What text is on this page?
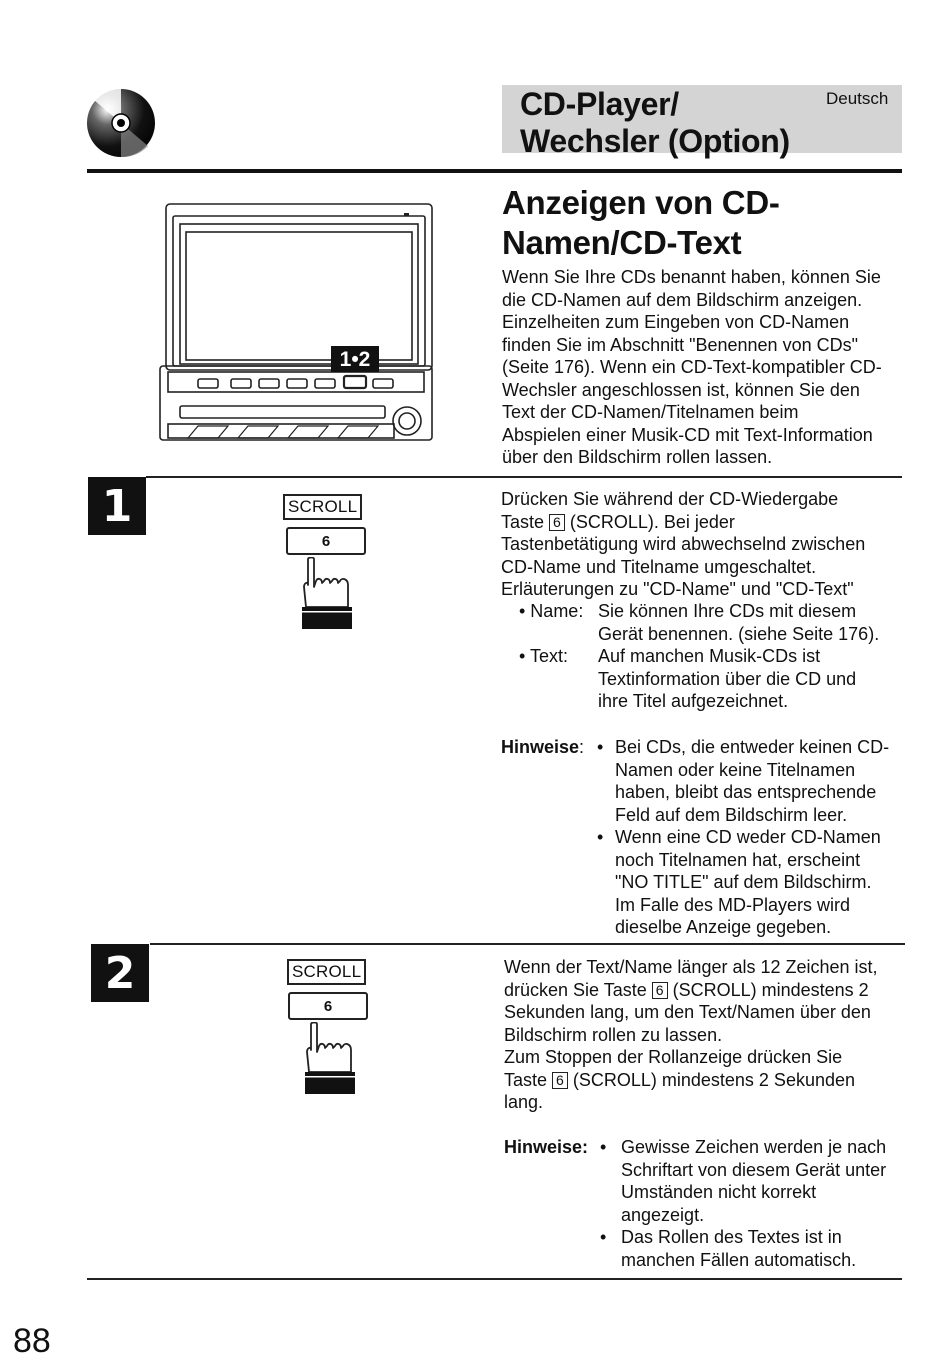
CD-Player/
Wechsler (Option)
Deutsch
1•2
Anzeigen von CD-
Namen/CD-Text
Wenn Sie Ihre CDs benannt haben, können Sie
die CD-Namen auf dem Bildschirm anzeigen.
Einzelheiten zum Eingeben von CD-Namen
finden Sie im Abschnitt "Benennen von CDs"
(Seite 176). Wenn ein CD-Text-kompatibler CD-
Wechsler angeschlossen ist, können Sie den
Text der CD-Namen/Titelnamen beim
Abspielen einer Musik-CD mit Text-Information
über den Bildschirm rollen lassen.
1	SCROLL
6
Drücken Sie während der CD-Wiedergabe
Taste 6 (SCROLL). Bei jeder
Tastenbetätigung wird abwechselnd zwischen
CD-Name und Titelname umgeschaltet.
Erläuterungen zu "CD-Name" und "CD-Text"
• Name: Sie können Ihre CDs mit diesem
Gerät benennen. (siehe Seite 176).
• Text:	Auf manchen Musik-CDs ist
Textinformation über die CD und
ihre Titel aufgezeichnet.
Hinweise: • Bei CDs, die entweder keinen CD-
Namen oder keine Titelnamen
haben, bleibt das entsprechende
Feld auf dem Bildschirm leer.
• Wenn eine CD weder CD-Namen
noch Titelnamen hat, erscheint
"NO TITLE" auf dem Bildschirm.
Im Falle des MD-Players wird
dieselbe Anzeige gegeben.
2	SCROLL
6
Wenn der Text/Name länger als 12 Zeichen ist,
drücken Sie Taste 6 (SCROLL) mindestens 2
Sekunden lang, um den Text/Namen über den
Bildschirm rollen zu lassen.
Zum Stoppen der Rollanzeige drücken Sie
Taste 6 (SCROLL) mindestens 2 Sekunden
lang.
Hinweise: • Gewisse Zeichen werden je nach
Schriftart von diesem Gerät unter
Umständen nicht korrekt
angezeigt.
• Das Rollen des Textes ist in
manchen Fällen automatisch.
88
